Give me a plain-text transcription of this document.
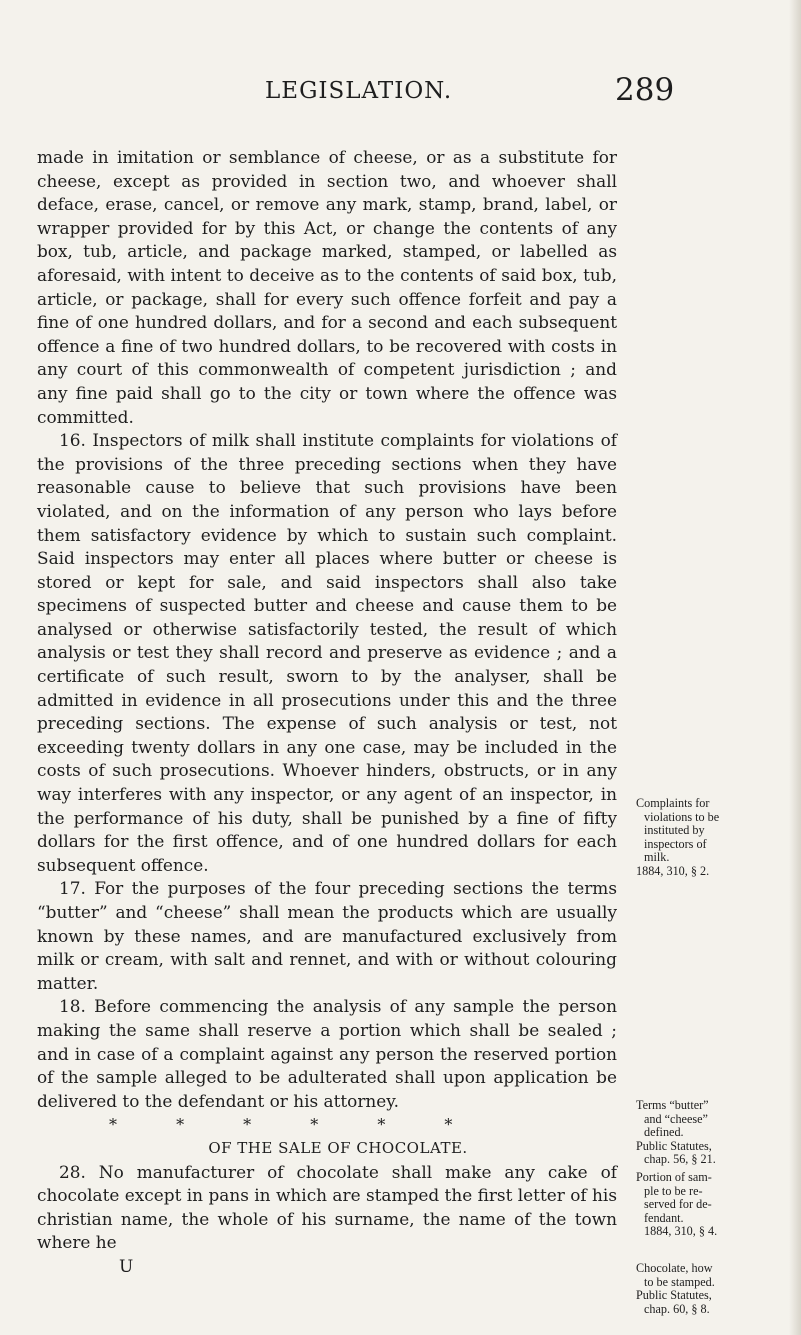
LEGISLATION.	289

made in imitation or semblance of cheese, or as a substitute for cheese, except as provided in section two, and whoever shall deface, erase, cancel, or remove any mark, stamp, brand, label, or wrapper provided for by this Act, or change the contents of any box, tub, article, and package marked, stamped, or labelled as aforesaid, with intent to deceive as to the contents of said box, tub, article, or package, shall for every such offence forfeit and pay a fine of one hundred dollars, and for a second and each subsequent offence a fine of two hundred dollars, to be recovered with costs in any court of this commonwealth of competent jurisdiction ; and any fine paid shall go to the city or town where the offence was committed.

16. Inspectors of milk shall institute complaints for violations of the provisions of the three preceding sections when they have reasonable cause to believe that such provisions have been violated, and on the information of any person who lays before them satisfactory evidence by which to sustain such complaint. Said inspectors may enter all places where butter or cheese is stored or kept for sale, and said inspectors shall also take specimens of suspected butter and cheese and cause them to be analysed or otherwise satisfactorily tested, the result of which analysis or test they shall record and preserve as evidence ; and a certificate of such result, sworn to by the analyser, shall be admitted in evidence in all prosecutions under this and the three preceding sections. The expense of such analysis or test, not exceeding twenty dollars in any one case, may be included in the costs of such prosecutions. Whoever hinders, obstructs, or in any way interferes with any inspector, or any agent of an inspector, in the performance of his duty, shall be punished by a fine of fifty dollars for the first offence, and of one hundred dollars for each subsequent offence.

17. For the purposes of the four preceding sections the terms “butter” and “cheese” shall mean the products which are usually known by these names, and are manufactured exclusively from milk or cream, with salt and rennet, and with or without colouring matter.

18. Before commencing the analysis of any sample the person making the same shall reserve a portion which shall be sealed ; and in case of a complaint against any person the reserved portion of the sample alleged to be adulterated shall upon application be delivered to the defendant or his attorney.

* * * * * *

OF THE SALE OF CHOCOLATE.

28. No manufacturer of chocolate shall make any cake of chocolate except in pans in which are stamped the first letter of his christian name, the whole of his surname, the name of the town where he

U

Complaints for
violations to be
instituted by
inspectors of
milk.
1884, 310, § 2.
Terms “butter”
and “cheese”
defined.
Public Statutes,
chap. 56, § 21.
Portion of sam-
ple to be re-
served for de-
fendant.
1884, 310, § 4.
Chocolate, how
to be stamped.
Public Statutes,
chap. 60, § 8.
